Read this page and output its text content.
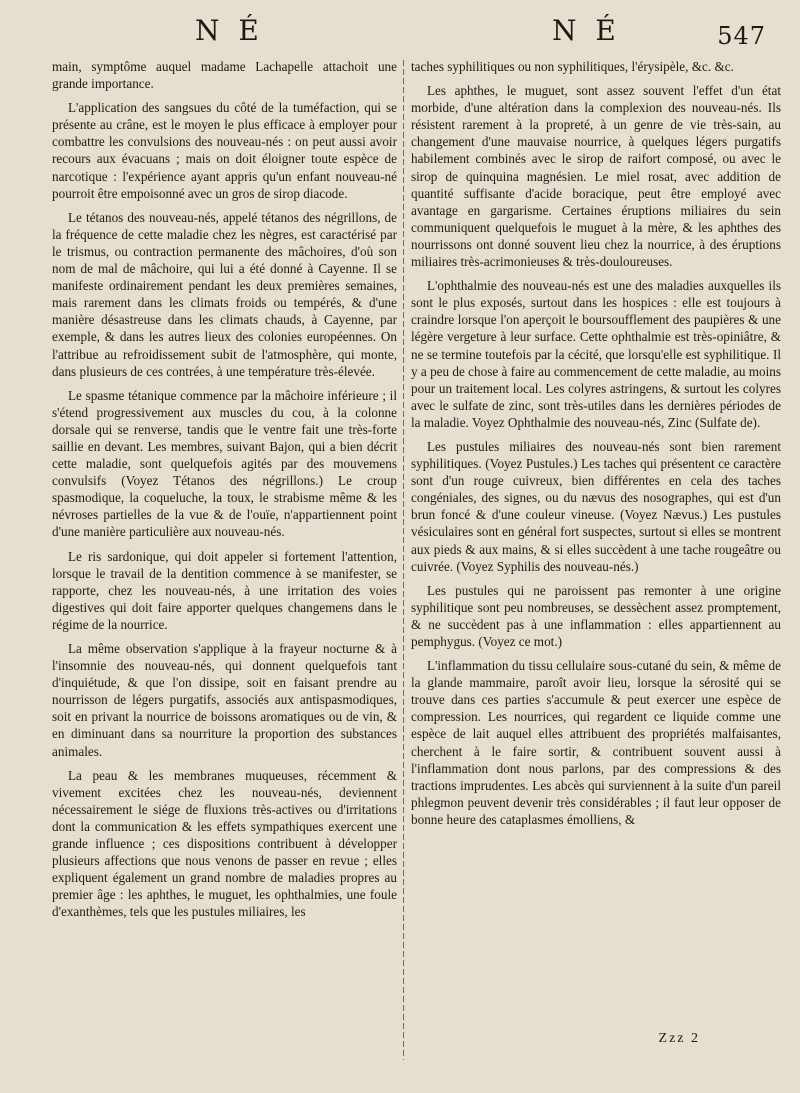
N É	N É	547

main, symptôme auquel madame Lachapelle attachoit une grande importance.

L'application des sangsues du côté de la tuméfaction, qui se présente au crâne, est le moyen le plus efficace à employer pour combattre les convulsions des nouveau-nés : on peut aussi avoir recours aux évacuans ; mais on doit éloigner toute espèce de narcotique : l'expérience ayant appris qu'un enfant nouveau-né pourroit être empoisonné avec un gros de sirop diacode.

Le tétanos des nouveau-nés, appelé tétanos des négrillons, de la fréquence de cette maladie chez les nègres, est caractérisé par le trismus, ou contraction permanente des mâchoires, d'où son nom de mal de mâchoire, qui lui a été donné à Cayenne. Il se manifeste ordinairement pendant les deux premières semaines, mais rarement dans les climats froids ou tempérés, & d'une manière désastreuse dans les climats chauds, à Cayenne, par exemple, & dans les autres lieux des colonies européennes. On l'attribue au refroidissement subit de l'atmosphère, qui monte, dans plusieurs de ces contrées, à une température très-élevée.

Le spasme tétanique commence par la mâchoire inférieure ; il s'étend progressivement aux muscles du cou, à la colonne dorsale qui se renverse, tandis que le ventre fait une très-forte saillie en devant. Les membres, suivant Bajon, qui a bien décrit cette maladie, sont quelquefois agités par des mouvemens convulsifs (Voyez Tétanos des négrillons.) Le croup spasmodique, la coqueluche, la toux, le strabisme même & les névroses partielles de la vue & de l'ouïe, n'appartiennent point d'une manière particulière aux nouveau-nés.

Le ris sardonique, qui doit appeler si fortement l'attention, lorsque le travail de la dentition commence à se manifester, se rapporte, chez les nouveau-nés, à une irritation des voies digestives qui doit faire apporter quelques changemens dans le régime de la nourrice.

La même observation s'applique à la frayeur nocturne & à l'insomnie des nouveau-nés, qui donnent quelquefois tant d'inquiétude, & que l'on dissipe, soit en faisant prendre au nourrisson de légers purgatifs, associés aux antispasmodiques, soit en privant la nourrice de boissons aromatiques ou de vin, & en diminuant dans sa nourriture la proportion des substances animales.

La peau & les membranes muqueuses, récemment & vivement excitées chez les nouveau-nés, deviennent nécessairement le siége de fluxions très-actives ou d'irritations dont la communication & les effets sympathiques exercent une grande influence ; ces dispositions contribuent à développer plusieurs affections que nous venons de passer en revue ; elles expliquent également un grand nombre de maladies propres au premier âge : les aphthes, le muguet, les ophthalmies, une foule d'exanthèmes, tels que les pustules miliaires, les

taches syphilitiques ou non syphilitiques, l'érysipèle, &c. &c.

Les aphthes, le muguet, sont assez souvent l'effet d'un état morbide, d'une altération dans la complexion des nouveau-nés. Ils résistent rarement à la propreté, à un genre de vie très-sain, au changement d'une mauvaise nourrice, à quelques légers purgatifs habilement combinés avec le sirop de raifort composé, ou avec le sirop de quinquina magnésien. Le miel rosat, avec addition de quantité suffisante d'acide boracique, peut être employé avec avantage en gargarisme. Certaines éruptions miliaires du sein communiquent quelquefois le muguet à la mère, & les aphthes des nourrissons ont donné souvent lieu chez la nourrice, à des éruptions miliaires très-acrimonieuses & très-douloureuses.

L'ophthalmie des nouveau-nés est une des maladies auxquelles ils sont le plus exposés, surtout dans les hospices : elle est toujours à craindre lorsque l'on aperçoit le boursoufflement des paupières & une légère vergeture à leur surface. Cette ophthalmie est très-opiniâtre, & ne se termine toutefois par la cécité, que lorsqu'elle est syphilitique. Il y a peu de chose à faire au commencement de cette maladie, au moins pour un traitement local. Les colyres astringens, & surtout les colyres avec le sulfate de zinc, sont très-utiles dans les dernières périodes de la maladie. Voyez Ophthalmie des nouveau-nés, Zinc (Sulfate de).

Les pustules miliaires des nouveau-nés sont bien rarement syphilitiques. (Voyez Pustules.) Les taches qui présentent ce caractère sont d'un rouge cuivreux, bien différentes en cela des taches congéniales, des signes, ou du nævus des nosographes, qui est d'un brun foncé & d'une couleur vineuse. (Voyez Nævus.) Les pustules vésiculaires sont en général fort suspectes, surtout si elles se montrent aux pieds & aux mains, & si elles succèdent à une tache rougeâtre ou cuivrée. (Voyez Syphilis des nouveau-nés.)

Les pustules qui ne paroissent pas remonter à une origine syphilitique sont peu nombreuses, se dessèchent assez promptement, & ne succèdent pas à une inflammation : elles appartiennent au pemphygus. (Voyez ce mot.)

L'inflammation du tissu cellulaire sous-cutané du sein, & même de la glande mammaire, paroît avoir lieu, lorsque la sérosité qui se trouve dans ces parties s'accumule & peut exercer une espèce de compression. Les nourrices, qui regardent ce liquide comme une espèce de lait auquel elles attribuent des propriétés malfaisantes, cherchent à le faire sortir, & contribuent souvent aussi à l'inflammation dont nous parlons, par des compressions & des tractions imprudentes. Les abcès qui surviennent à la suite d'un pareil phlegmon peuvent devenir très considérables ; il faut leur opposer de bonne heure des cataplasmes émolliens, &

Zzz 2
